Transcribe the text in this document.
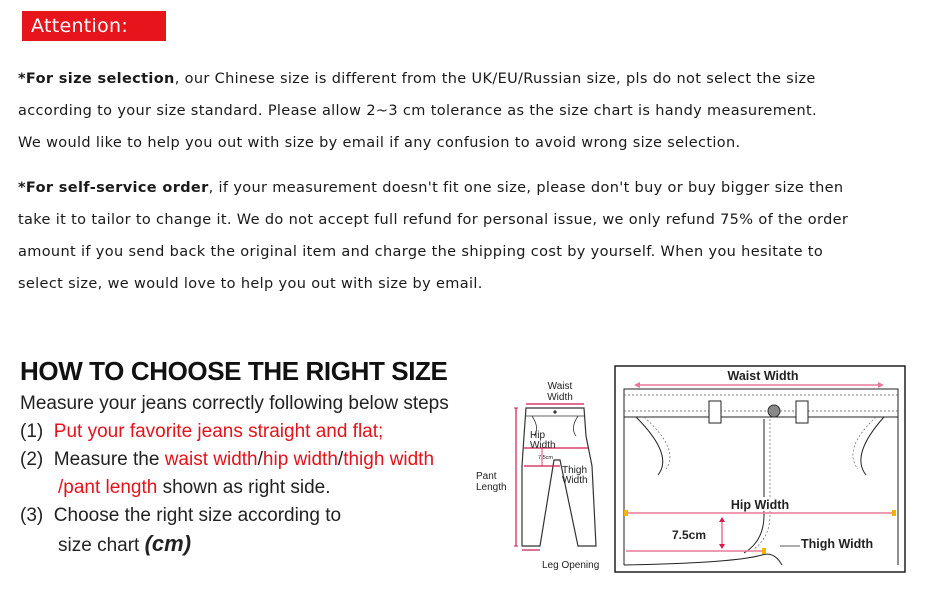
Attention:
*For size selection, our Chinese size is different from the UK/EU/Russian size, pls do not select the size
according to your size standard. Please allow 2~3 cm tolerance as the size chart is handy measurement.
We would like to help you out with size by email if any confusion to avoid wrong size selection.
*For self-service order, if your measurement doesn't fit one size, please don't buy or buy bigger size then
take it to tailor to change it. We do not accept full refund for personal issue, we only refund 75% of the order
amount if you send back the original item and charge the shipping cost by yourself. When you hesitate to
select size, we would love to help you out with size by email.
HOW TO CHOOSE THE RIGHT SIZE
Measure your jeans correctly following below steps
(1) Put your favorite jeans straight and flat;
(2) Measure the waist width/hip width/thigh width
/pant length shown as right side.
(3) Choose the right size according to
size chart (cm)
Waist
Width
Hip
Width
7.5cm
Thigh
Width
Pant
Length
Leg Opening
Waist Width
Hip Width
7.5cm
Thigh Width
